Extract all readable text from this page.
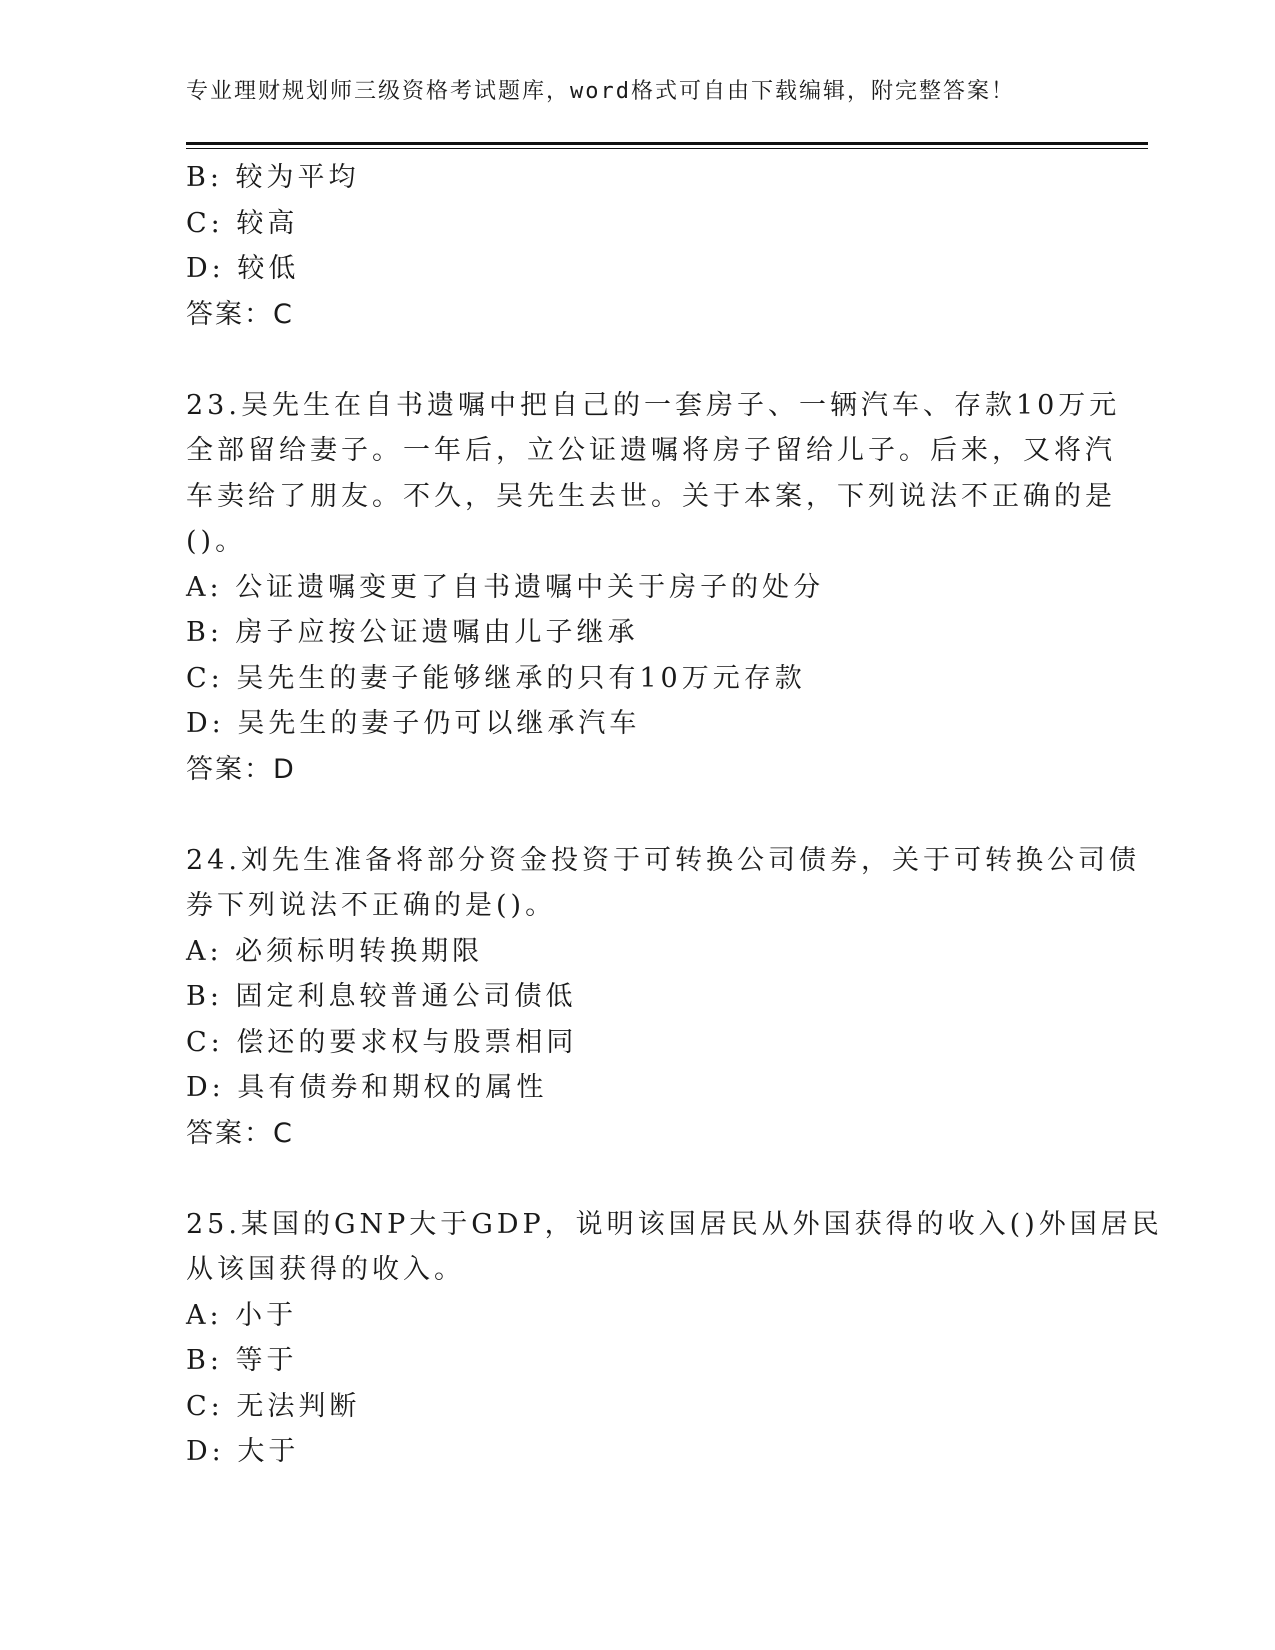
专业理财规划师三级资格考试题库，word格式可自由下载编辑，附完整答案！
B: 较为平均
C: 较高
D: 较低
答案：C
23.吴先生在自书遗嘱中把自己的一套房子、一辆汽车、存款10万元
全部留给妻子。一年后，立公证遗嘱将房子留给儿子。后来，又将汽
车卖给了朋友。不久，吴先生去世。关于本案，下列说法不正确的是
()。
A: 公证遗嘱变更了自书遗嘱中关于房子的处分
B: 房子应按公证遗嘱由儿子继承
C: 吴先生的妻子能够继承的只有10万元存款
D: 吴先生的妻子仍可以继承汽车
答案：D
24.刘先生准备将部分资金投资于可转换公司债券，关于可转换公司债
券下列说法不正确的是()。
A: 必须标明转换期限
B: 固定利息较普通公司债低
C: 偿还的要求权与股票相同
D: 具有债券和期权的属性
答案：C
25.某国的GNP大于GDP，说明该国居民从外国获得的收入()外国居民
从该国获得的收入。
A: 小于
B: 等于
C: 无法判断
D: 大于
